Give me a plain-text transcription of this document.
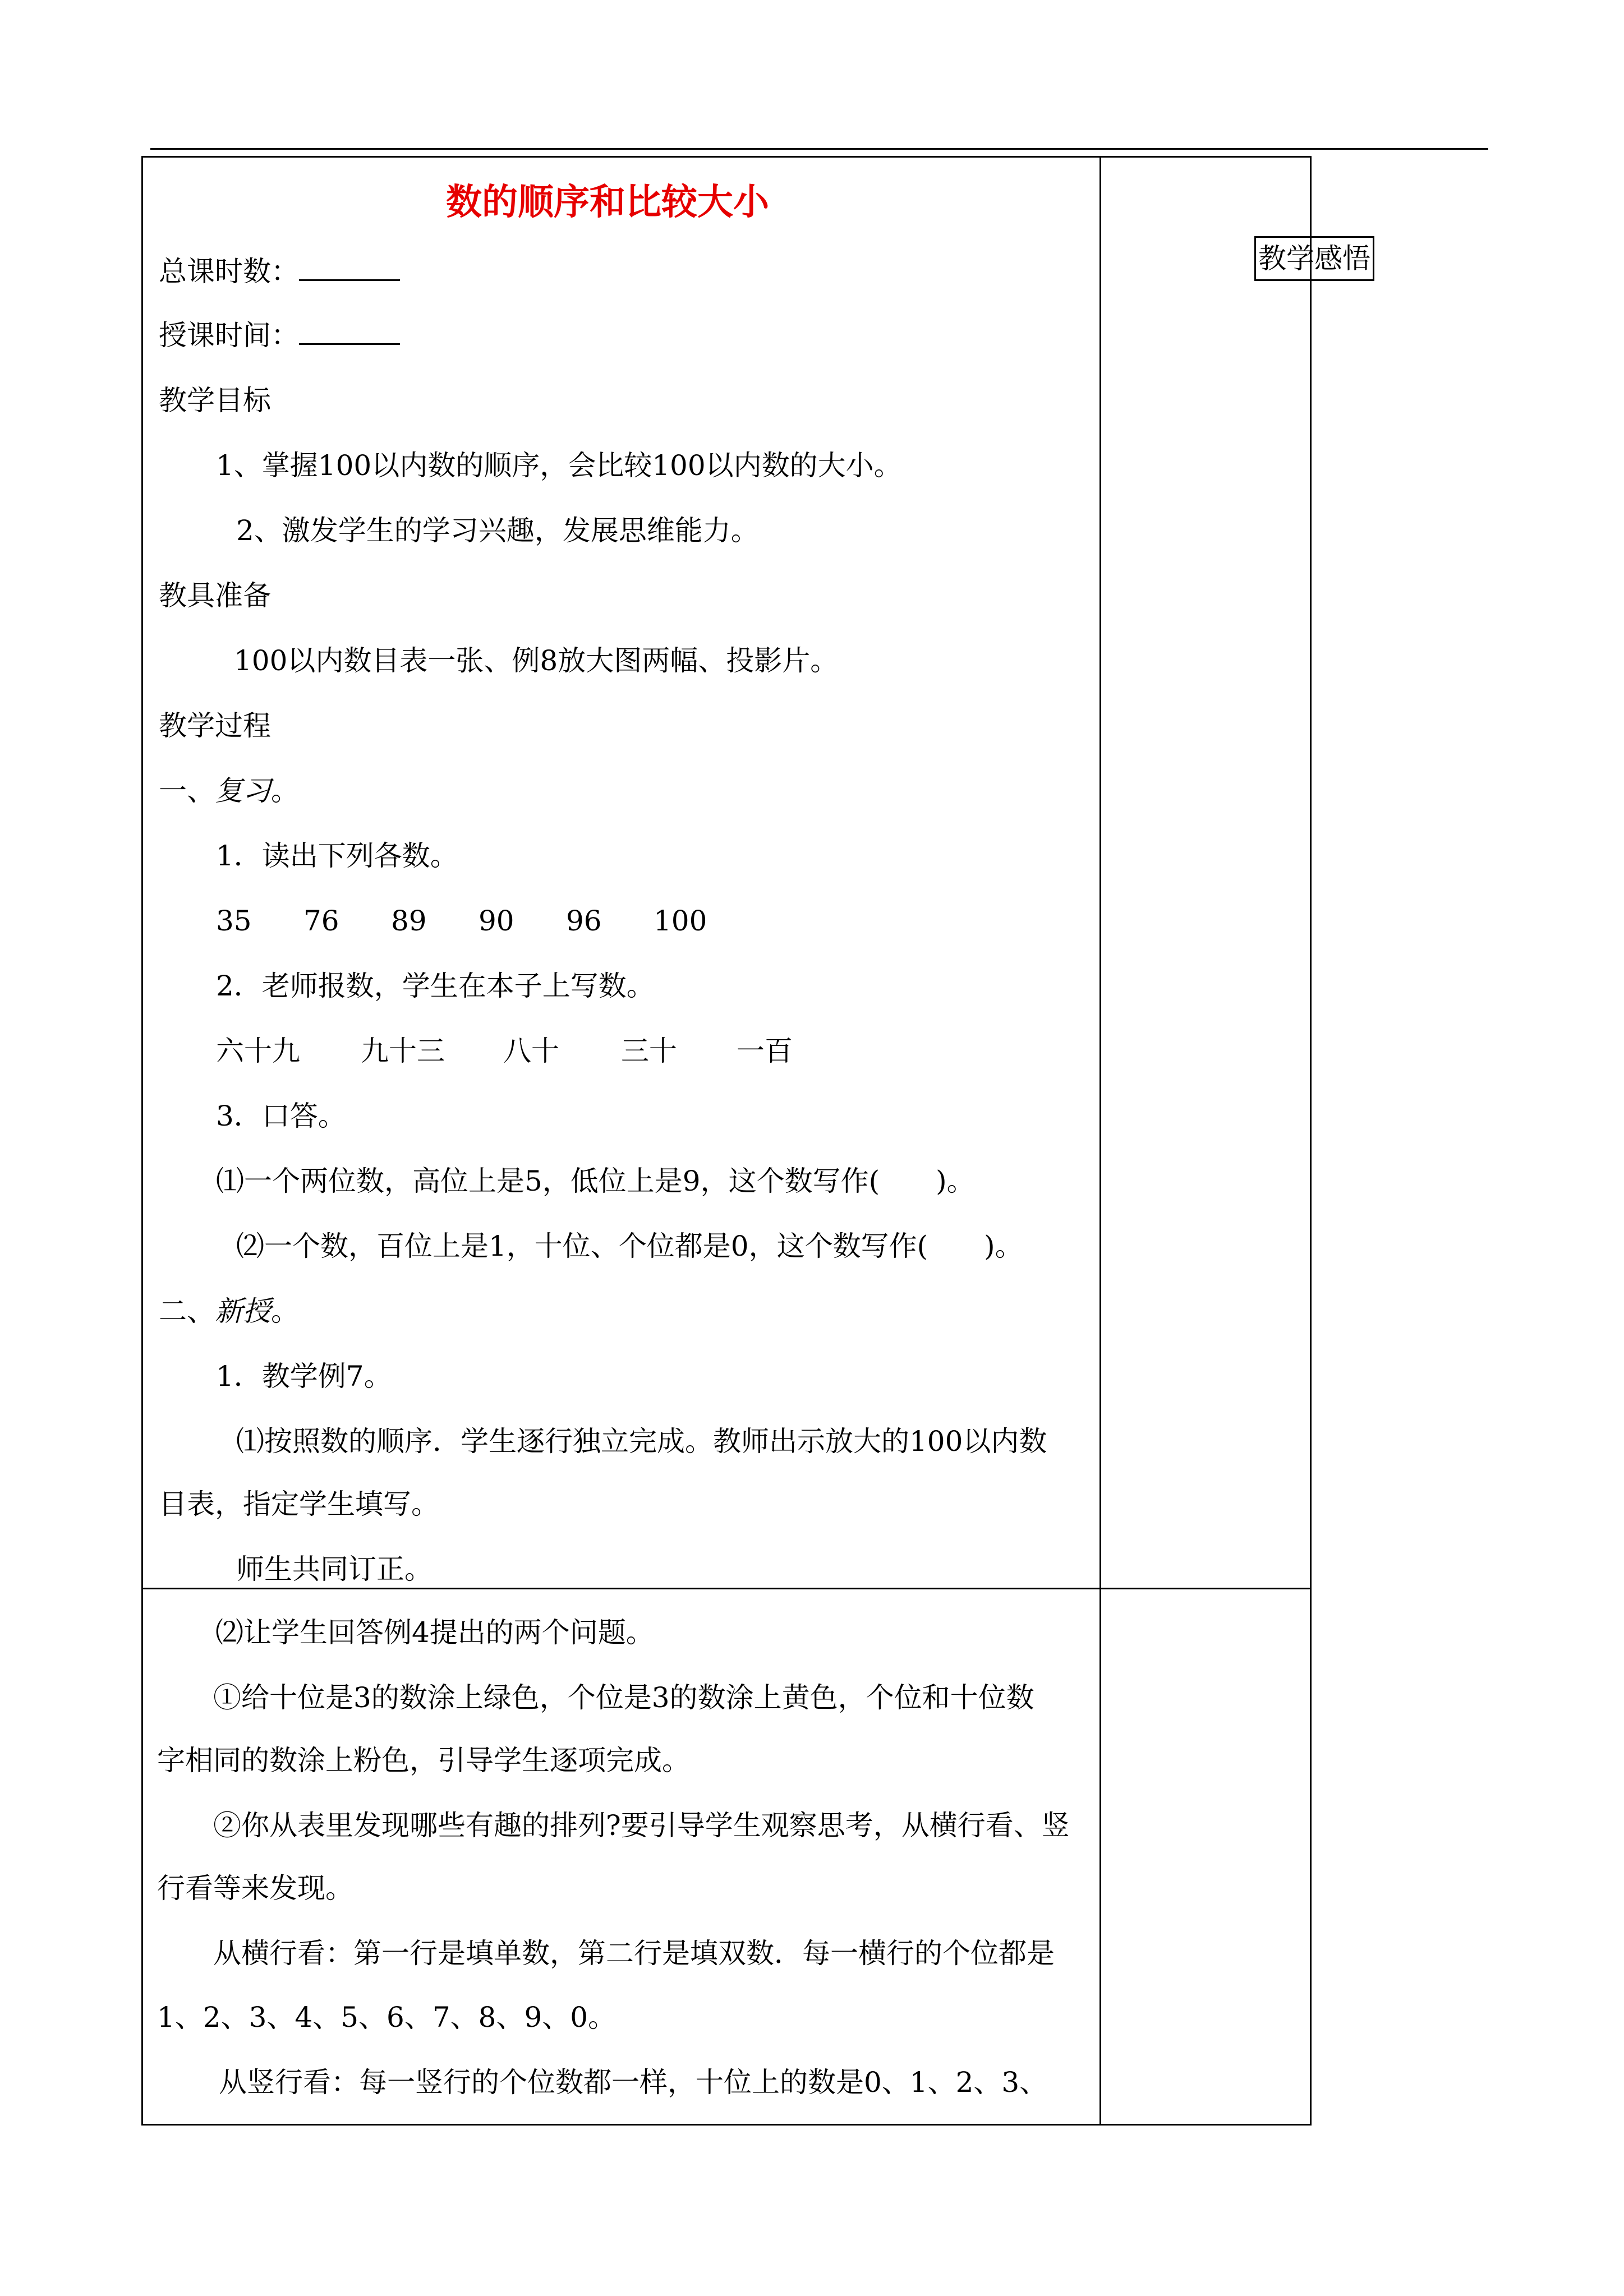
数的顺序和比较大小
总课时数：
授课时间：
教学目标
1、掌握100以内数的顺序，会比较100以内数的大小。
2、激发学生的学习兴趣，发展思维能力。
教具准备
100以内数目表一张、例8放大图两幅、投影片。
教学过程
一、复习。
1．读出下列各数。
35 76 89 90 96 100
2．老师报数，学生在本子上写数。
六十九 九十三 八十 三十 一百
3．口答。
⑴一个两位数，高位上是5，低位上是9，这个数写作(　　)。
⑵一个数，百位上是1，十位、个位都是0，这个数写作(　　)。
二、新授。
1．教学例7。
⑴按照数的顺序．学生逐行独立完成。教师出示放大的100以内数
目表，指定学生填写。
师生共同订正。
教学感悟
⑵让学生回答例4提出的两个问题。
①给十位是3的数涂上绿色，个位是3的数涂上黄色，个位和十位数
字相同的数涂上粉色，引导学生逐项完成。
②你从表里发现哪些有趣的排列?要引导学生观察思考，从横行看、竖
行看等来发现。
从横行看：第一行是填单数，第二行是填双数．每一横行的个位都是
1、2、3、4、5、6、7、8、9、0。
从竖行看：每一竖行的个位数都一样，十位上的数是0、1、2、3、
